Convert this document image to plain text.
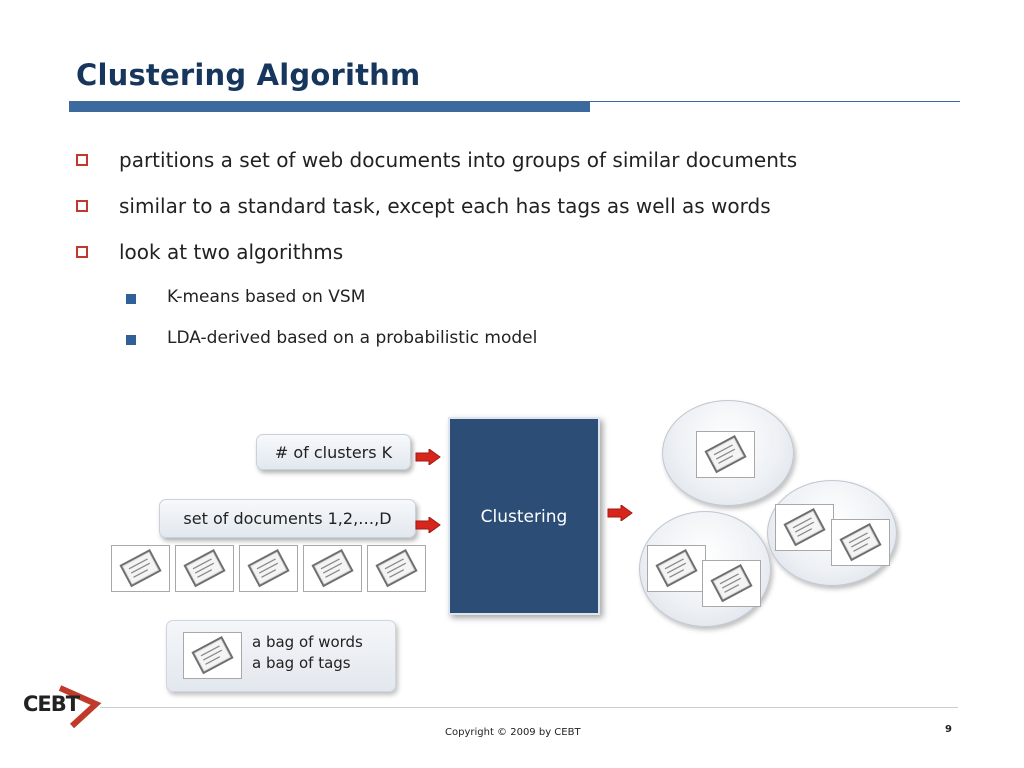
Clustering Algorithm
partitions a set of web documents into groups of similar documents
similar to a standard task, except each has tags as well as words
look at two algorithms
K-means based on VSM
LDA-derived based on a probabilistic model
# of clusters K
set of documents 1,2,…,D	Clustering
a bag of words
a bag of tags
CEBT
Copyright © 2009 by CEBT	9
